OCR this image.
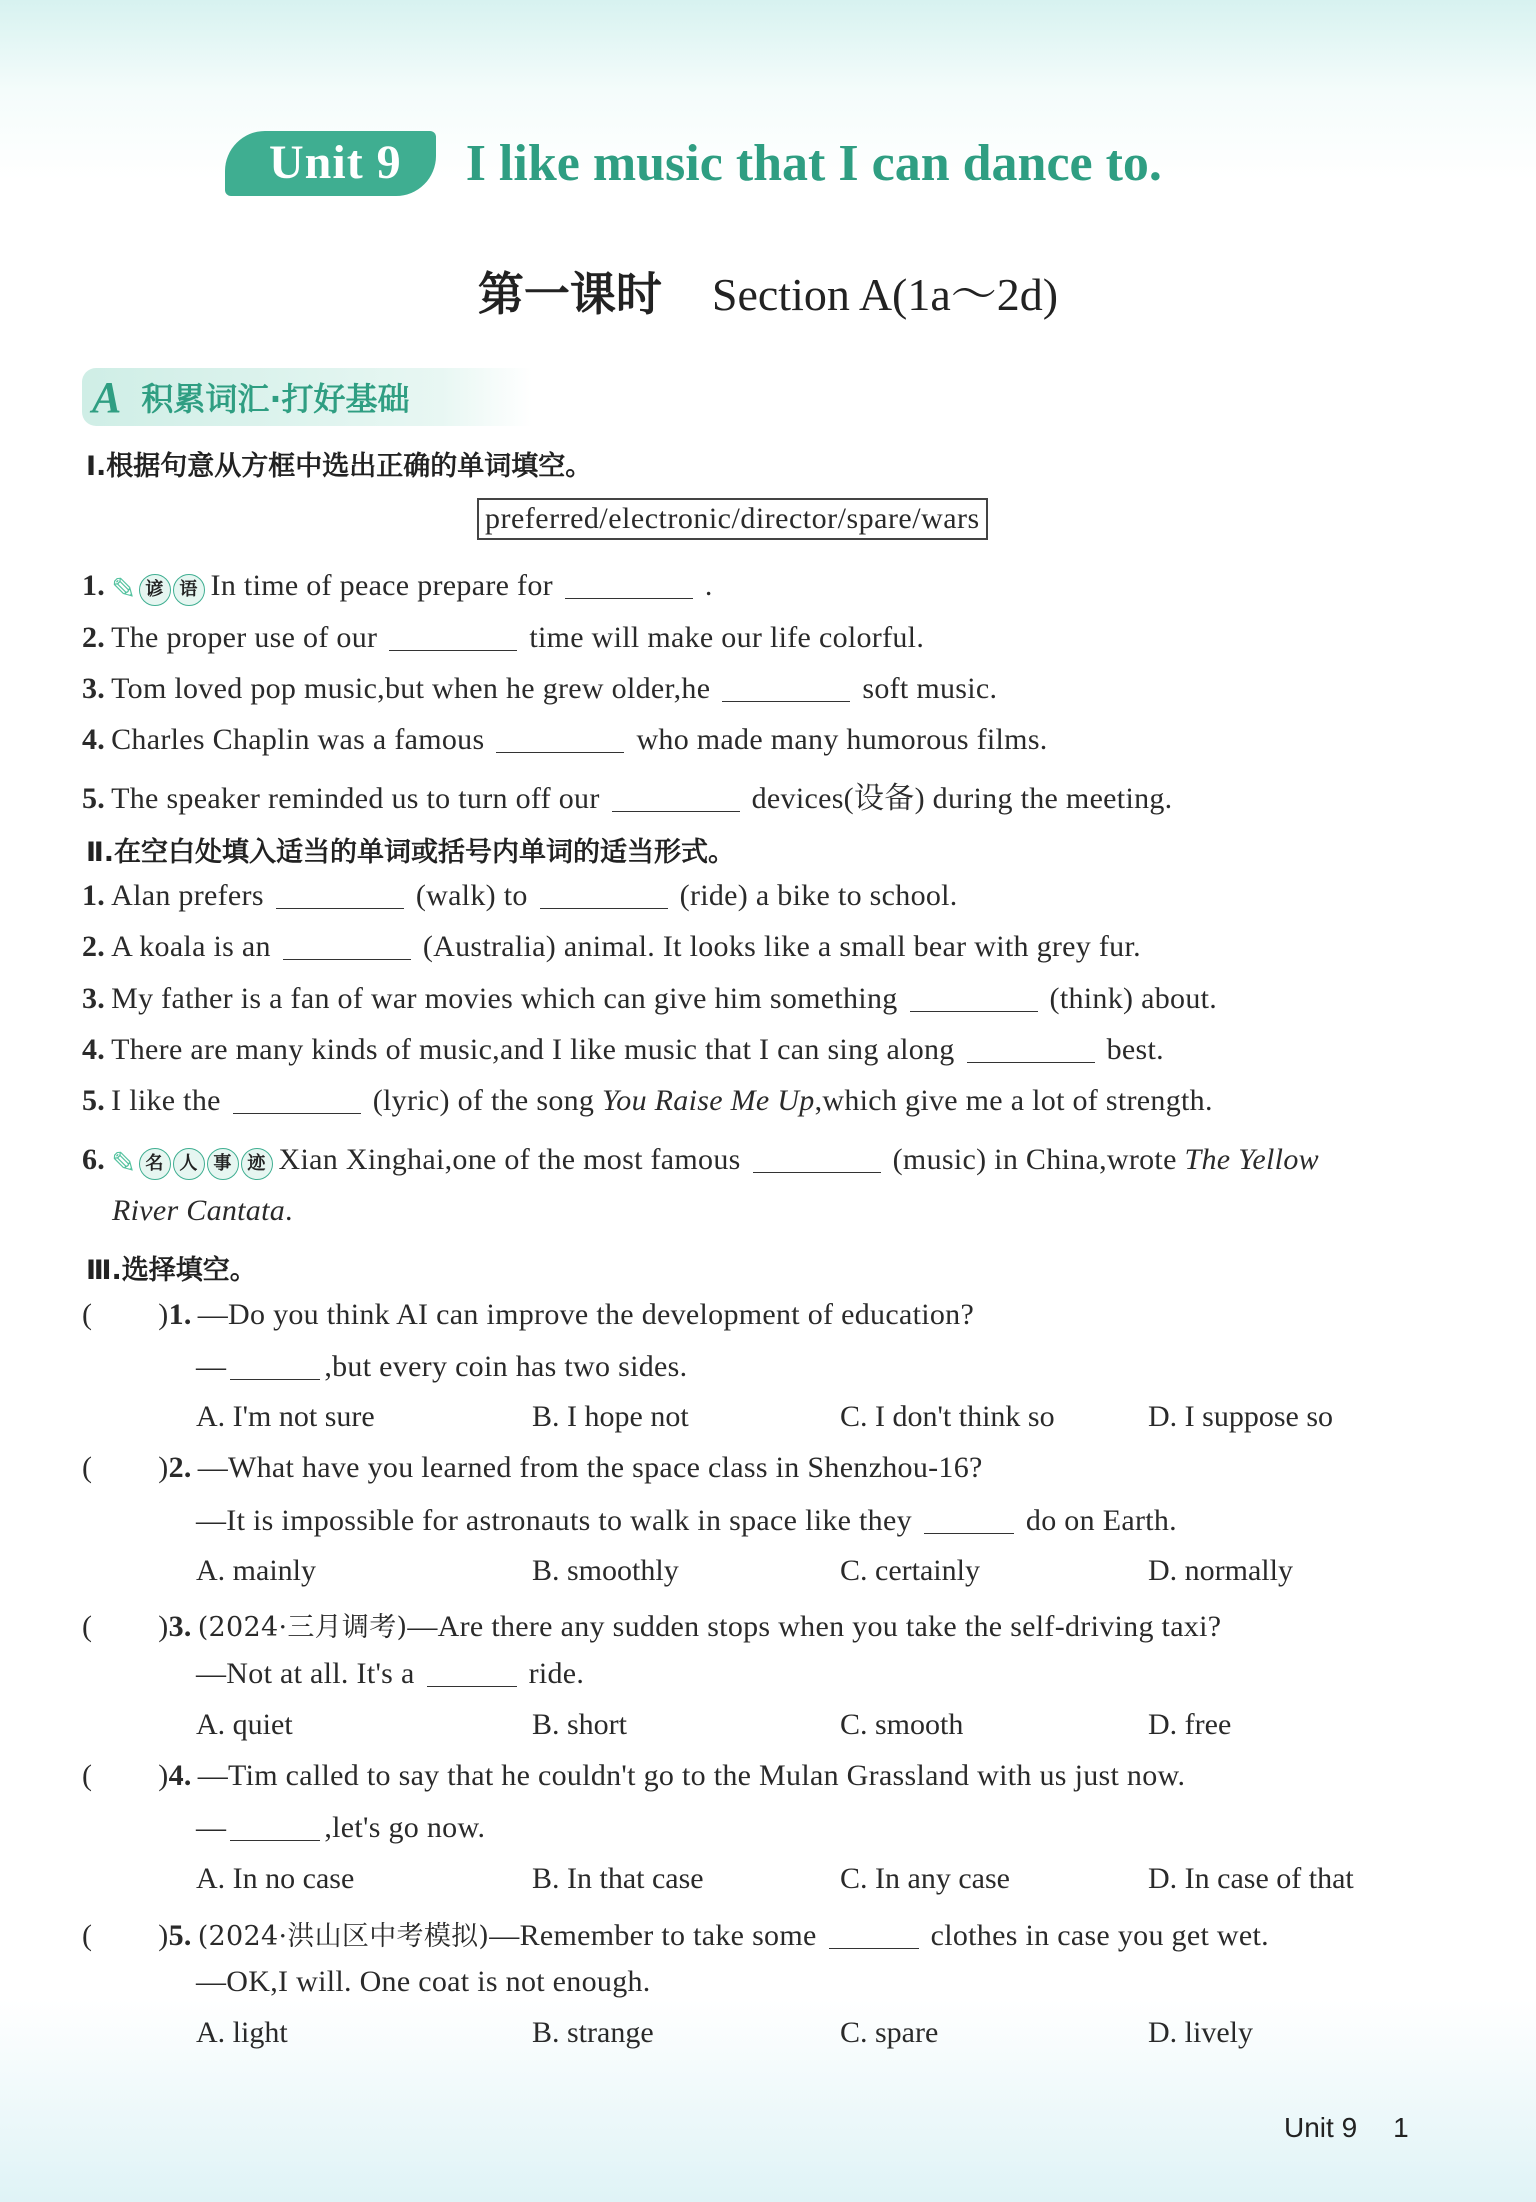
Unit 9	I like music that I can dance to.
第一课时 Section A(1a～2d)
A 积累词汇·打好基础
Ⅰ.根据句意从方框中选出正确的单词填空。
preferred/electronic/director/spare/wars
1. ✎ 谚 语 In time of peace prepare for	.
2. The proper use of our	time will make our life colorful.
3. Tom loved pop music,but when he grew older,he	soft music.
4. Charles Chaplin was a famous	who made many humorous films.
5. The speaker reminded us to turn off our	devices(设备) during the meeting.
Ⅱ.在空白处填入适当的单词或括号内单词的适当形式。
1. Alan prefers	(walk) to	(ride) a bike to school.
2. A koala is an	(Australia) animal. It looks like a small bear with grey fur.
3. My father is a fan of war movies which can give him something	(think) about.
4. There are many kinds of music,and I like music that I can sing along	best.
5. I like the	(lyric) of the song You Raise Me Up,which give me a lot of strength.
6. ✎ 名 人 事 迹 Xian Xinghai,one of the most famous	(music) in China,wrote The Yellow
River Cantata.
Ⅲ.选择填空。
( )1. —Do you think AI can improve the development of education?
—	,but every coin has two sides.
A. I'm not sure	B. I hope not	C. I don't think so	D. I suppose so
( )2. —What have you learned from the space class in Shenzhou-16?
—It is impossible for astronauts to walk in space like they	do on Earth.
A. mainly	B. smoothly	C. certainly	D. normally
( )3. (2024·三月调考)—Are there any sudden stops when you take the self-driving taxi?
—Not at all. It's a	ride.
A. quiet	B. short	C. smooth	D. free
( )4. —Tim called to say that he couldn't go to the Mulan Grassland with us just now.
—	,let's go now.
A. In no case	B. In that case	C. In any case	D. In case of that
( )5. (2024·洪山区中考模拟)—Remember to take some	clothes in case you get wet.
—OK,I will. One coat is not enough.
A. light	B. strange	C. spare	D. lively
Unit 9 1
